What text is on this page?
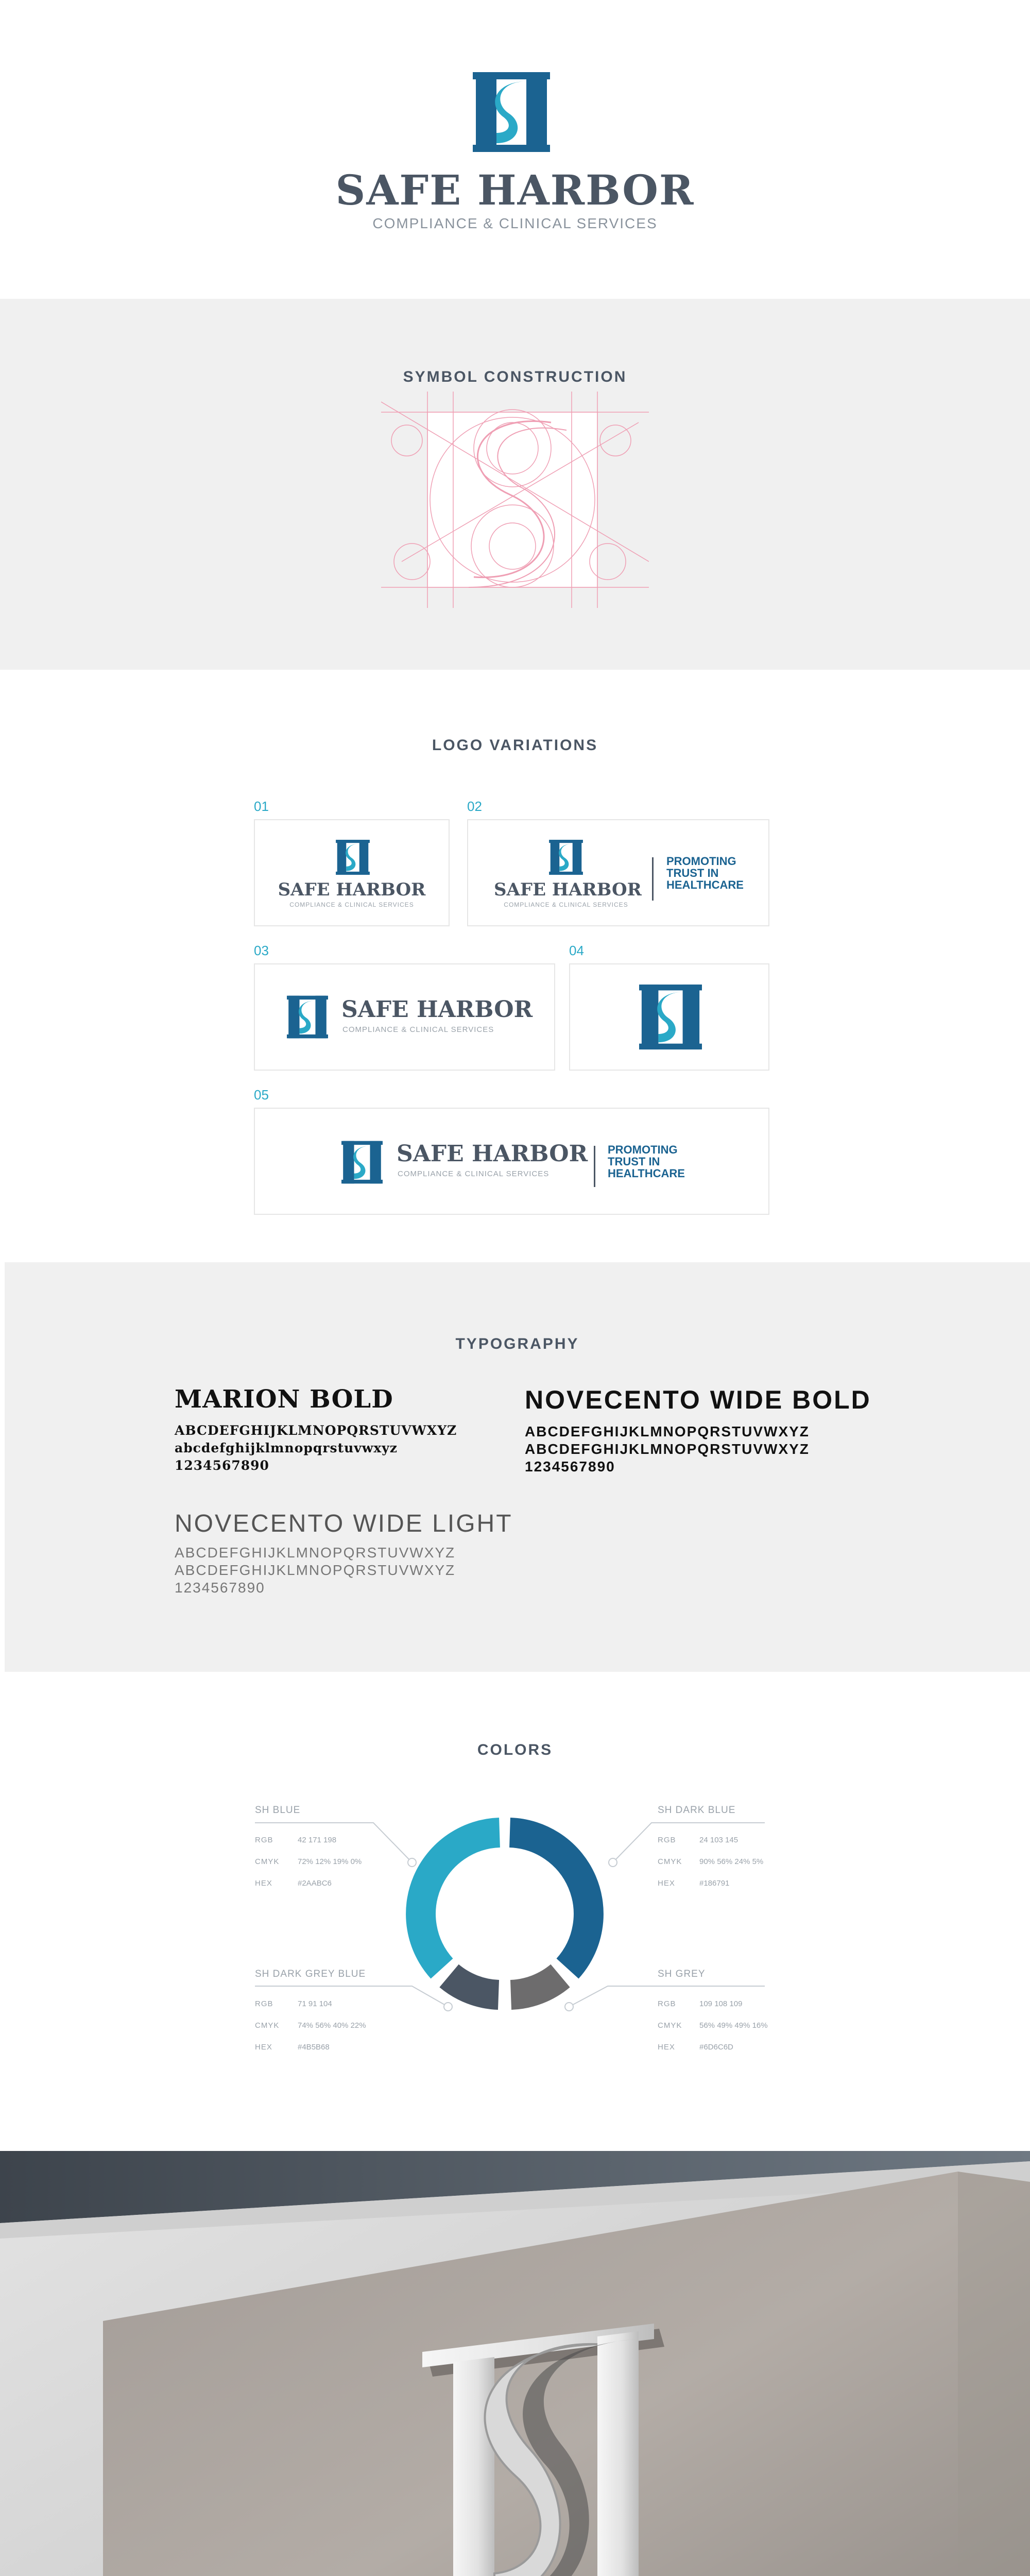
SAFE HARBOR
COMPLIANCE & CLINICAL SERVICES
SYMBOL CONSTRUCTION
LOGO VARIATIONS
01
SAFE HARBOR
COMPLIANCE & CLINICAL SERVICES
02
SAFE HARBOR
COMPLIANCE & CLINICAL SERVICES
PROMOTING
TRUST IN
HEALTHCARE
03
SAFE HARBOR
COMPLIANCE & CLINICAL SERVICES
04
05
SAFE HARBOR
COMPLIANCE & CLINICAL SERVICES
PROMOTING
TRUST IN
HEALTHCARE
TYPOGRAPHY
MARION BOLD
ABCDEFGHIJKLMNOPQRSTUVWXYZ
abcdefghijklmnopqrstuvwxyz
1234567890
NOVECENTO WIDE BOLD
ABCDEFGHIJKLMNOPQRSTUVWXYZ
ABCDEFGHIJKLMNOPQRSTUVWXYZ
1234567890
NOVECENTO WIDE LIGHT
ABCDEFGHIJKLMNOPQRSTUVWXYZ
ABCDEFGHIJKLMNOPQRSTUVWXYZ
1234567890
COLORS
SH BLUE
RGB	42 171 198
CMYK 72% 12% 19% 0%
HEX	#2AABC6
SH DARK BLUE
RGB	24 103 145
CMYK 90% 56% 24% 5%
HEX	#186791
SH DARK GREY BLUE
RGB	71 91 104
CMYK 74% 56% 40% 22%
HEX	#4B5B68
SH GREY
RGB	109 108 109
CMYK 56% 49% 49% 16%
HEX	#6D6C6D
